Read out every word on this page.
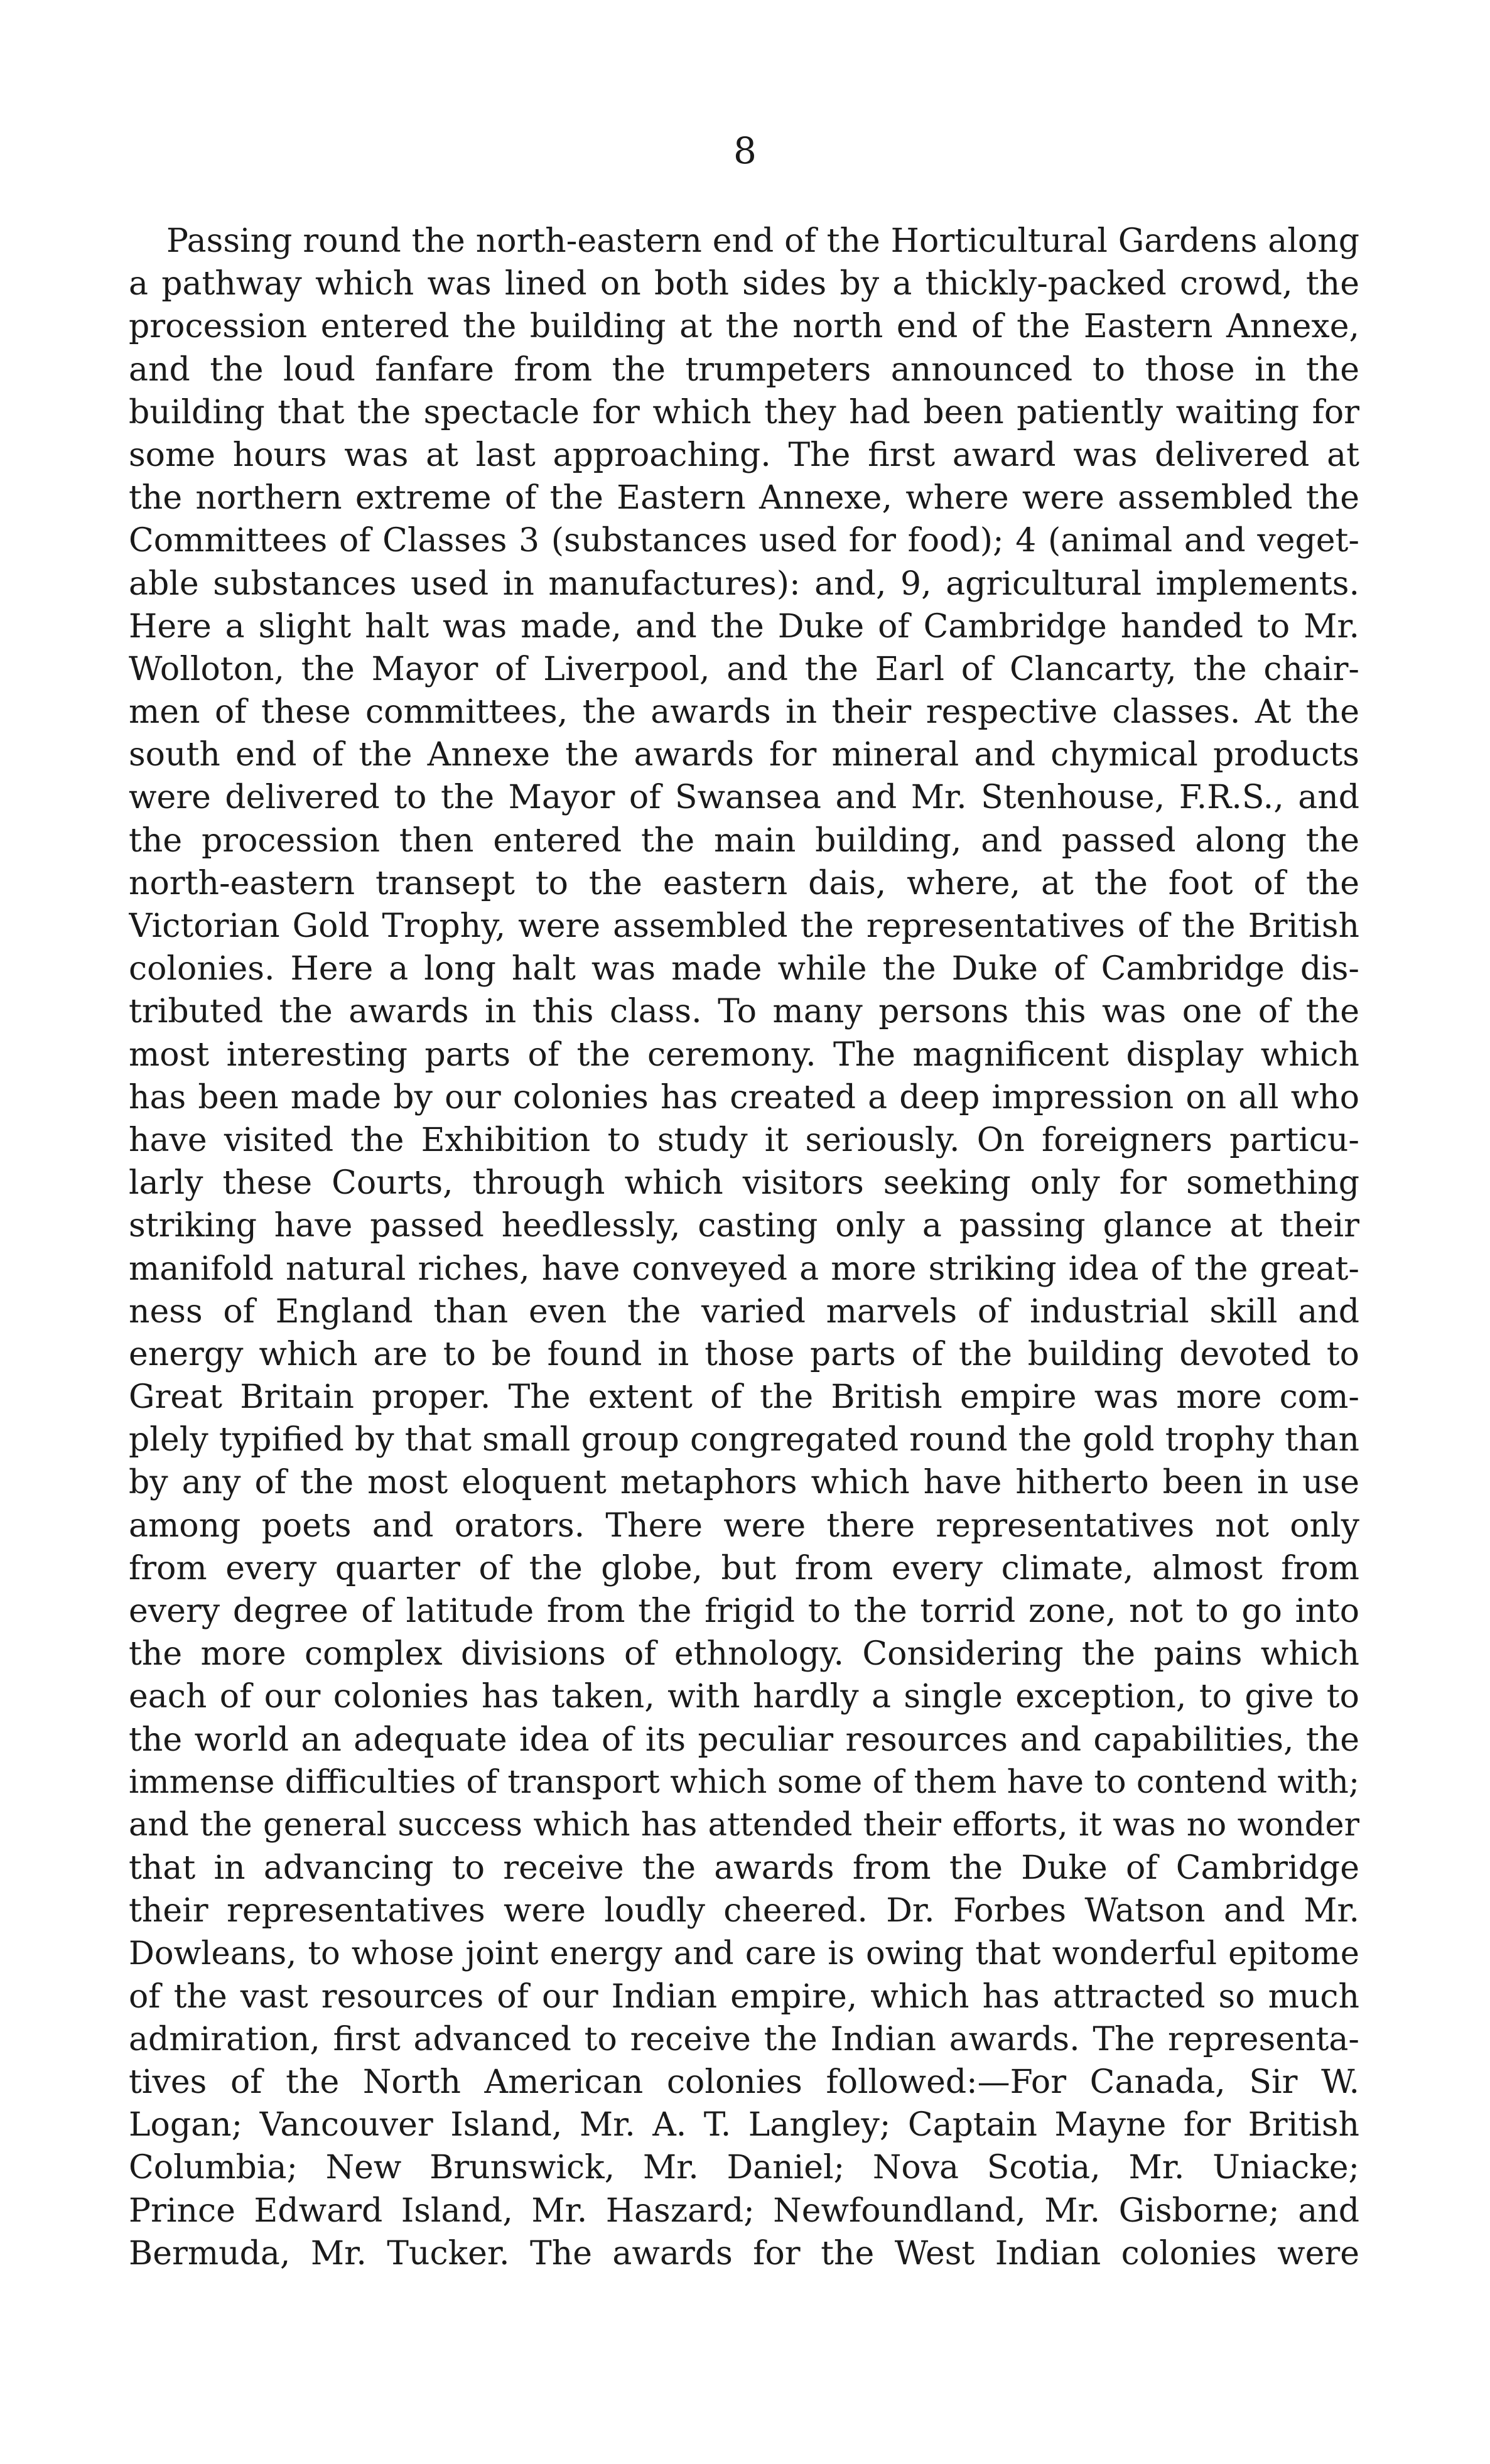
8
Passing round the north-eastern end of the Horticultural Gardens along
a pathway which was lined on both sides by a thickly-packed crowd, the
procession entered the building at the north end of the Eastern Annexe,
and the loud fanfare from the trumpeters announced to those in the
building that the spectacle for which they had been patiently waiting for
some hours was at last approaching. The first award was delivered at
the northern extreme of the Eastern Annexe, where were assembled the
Committees of Classes 3 (substances used for food); 4 (animal and veget-
able substances used in manufactures): and, 9, agricultural implements.
Here a slight halt was made, and the Duke of Cambridge handed to Mr.
Wolloton, the Mayor of Liverpool, and the Earl of Clancarty, the chair-
men of these committees, the awards in their respective classes. At the
south end of the Annexe the awards for mineral and chymical products
were delivered to the Mayor of Swansea and Mr. Stenhouse, F.R.S., and
the procession then entered the main building, and passed along the
north-eastern transept to the eastern dais, where, at the foot of the
Victorian Gold Trophy, were assembled the representatives of the British
colonies. Here a long halt was made while the Duke of Cambridge dis-
tributed the awards in this class. To many persons this was one of the
most interesting parts of the ceremony. The magnificent display which
has been made by our colonies has created a deep impression on all who
have visited the Exhibition to study it seriously. On foreigners particu-
larly these Courts, through which visitors seeking only for something
striking have passed heedlessly, casting only a passing glance at their
manifold natural riches, have conveyed a more striking idea of the great-
ness of England than even the varied marvels of industrial skill and
energy which are to be found in those parts of the building devoted to
Great Britain proper. The extent of the British empire was more com-
plely typified by that small group congregated round the gold trophy than
by any of the most eloquent metaphors which have hitherto been in use
among poets and orators. There were there representatives not only
from every quarter of the globe, but from every climate, almost from
every degree of latitude from the frigid to the torrid zone, not to go into
the more complex divisions of ethnology. Considering the pains which
each of our colonies has taken, with hardly a single exception, to give to
the world an adequate idea of its peculiar resources and capabilities, the
immense difficulties of transport which some of them have to contend with;
and the general success which has attended their efforts, it was no wonder
that in advancing to receive the awards from the Duke of Cambridge
their representatives were loudly cheered. Dr. Forbes Watson and Mr.
Dowleans, to whose joint energy and care is owing that wonderful epitome
of the vast resources of our Indian empire, which has attracted so much
admiration, first advanced to receive the Indian awards. The representa-
tives of the North American colonies followed:—For Canada, Sir W.
Logan; Vancouver Island, Mr. A. T. Langley; Captain Mayne for British
Columbia; New Brunswick, Mr. Daniel; Nova Scotia, Mr. Uniacke;
Prince Edward Island, Mr. Haszard; Newfoundland, Mr. Gisborne; and
Bermuda, Mr. Tucker. The awards for the West Indian colonies were
